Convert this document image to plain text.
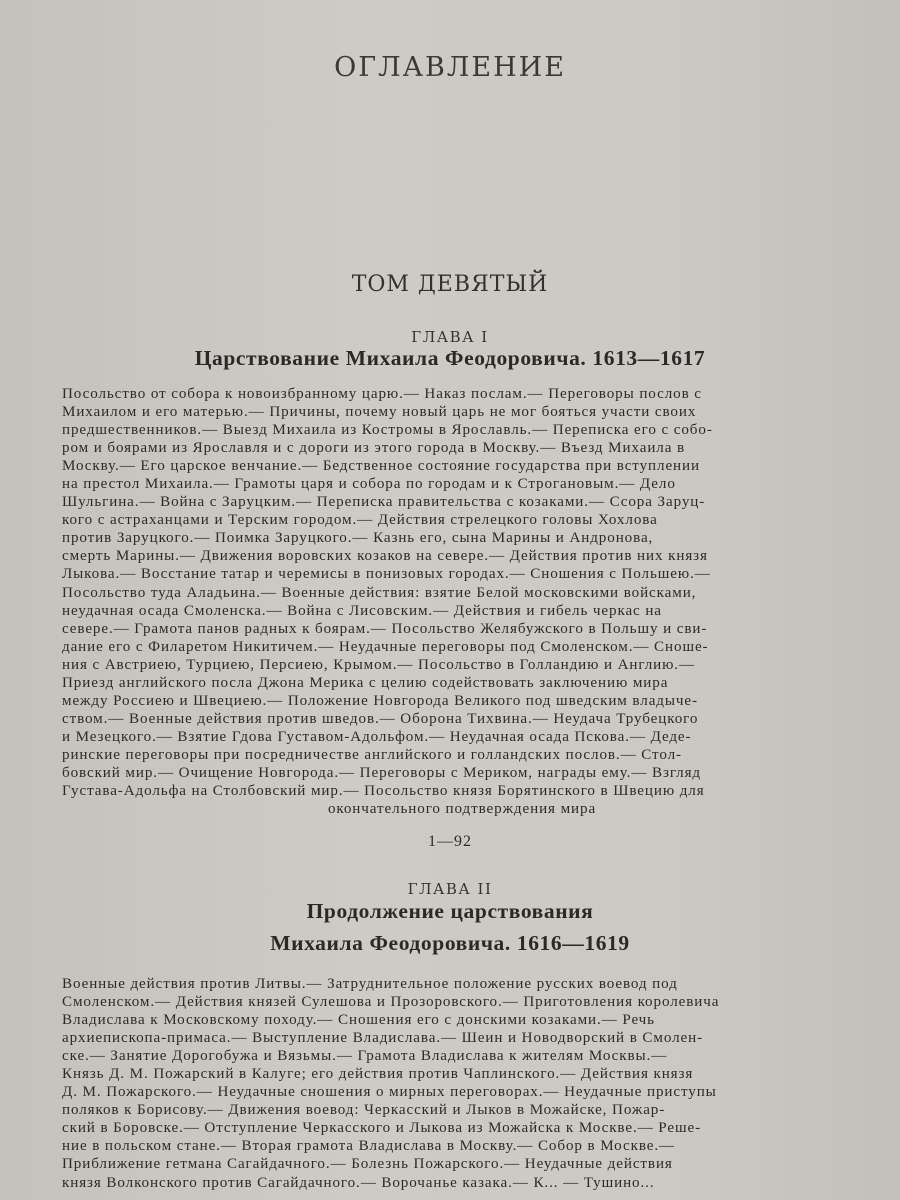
ОГЛАВЛЕНИЕ
ТОМ ДЕВЯТЫЙ
ГЛАВА I
Царствование Михаила Феодоровича. 1613—1617
Посольство от собора к новоизбранному царю.— Наказ послам.— Переговоры послов с
Михаилом и его матерью.— Причины, почему новый царь не мог бояться участи своих
предшественников.— Выезд Михаила из Костромы в Ярославль.— Переписка его с собо-
ром и боярами из Ярославля и с дороги из этого города в Москву.— Въезд Михаила в
Москву.— Его царское венчание.— Бедственное состояние государства при вступлении
на престол Михаила.— Грамоты царя и собора по городам и к Строгановым.— Дело
Шульгина.— Война с Заруцким.— Переписка правительства с козаками.— Ссора Заруц-
кого с астраханцами и Терским городом.— Действия стрелецкого головы Хохлова
против Заруцкого.— Поимка Заруцкого.— Казнь его, сына Марины и Андронова,
смерть Марины.— Движения воровских козаков на севере.— Действия против них князя
Лыкова.— Восстание татар и черемисы в понизовых городах.— Сношения с Польшею.—
Посольство туда Аладьина.— Военные действия: взятие Белой московскими войсками,
неудачная осада Смоленска.— Война с Лисовским.— Действия и гибель черкас на
севере.— Грамота панов радных к боярам.— Посольство Желябужского в Польшу и сви-
дание его с Филаретом Никитичем.— Неудачные переговоры под Смоленском.— Сноше-
ния с Австриею, Турциею, Персиею, Крымом.— Посольство в Голландию и Англию.—
Приезд английского посла Джона Мерика с целию содействовать заключению мира
между Россиею и Швециею.— Положение Новгорода Великого под шведским владыче-
ством.— Военные действия против шведов.— Оборона Тихвина.— Неудача Трубецкого
и Мезецкого.— Взятие Гдова Густавом-Адольфом.— Неудачная осада Пскова.— Деде-
ринские переговоры при посредничестве английского и голландских послов.— Стол-
бовский мир.— Очищение Новгорода.— Переговоры с Мериком, награды ему.— Взгляд
Густава-Адольфа на Столбовский мир.— Посольство князя Борятинского в Швецию для
окончательного подтверждения мира
1—92
ГЛАВА II
Продолжение царствования
Михаила Феодоровича. 1616—1619
Военные действия против Литвы.— Затруднительное положение русских воевод под
Смоленском.— Действия князей Сулешова и Прозоровского.— Приготовления королевича
Владислава к Московскому походу.— Сношения его с донскими козаками.— Речь
архиепископа-примаса.— Выступление Владислава.— Шеин и Новодворский в Смолен-
ске.— Занятие Дорогобужа и Вязьмы.— Грамота Владислава к жителям Москвы.—
Князь Д. М. Пожарский в Калуге; его действия против Чаплинского.— Действия князя
Д. М. Пожарского.— Неудачные сношения о мирных переговорах.— Неудачные приступы
поляков к Борисову.— Движения воевод: Черкасский и Лыков в Можайске, Пожар-
ский в Боровске.— Отступление Черкасского и Лыкова из Можайска к Москве.— Реше-
ние в польском стане.— Вторая грамота Владислава в Москву.— Собор в Москве.—
Приближение гетмана Сагайдачного.— Болезнь Пожарского.— Неудачные действия
князя Волконского против Сагайдачного.— Ворочанье казака.— К... — Тушино...
